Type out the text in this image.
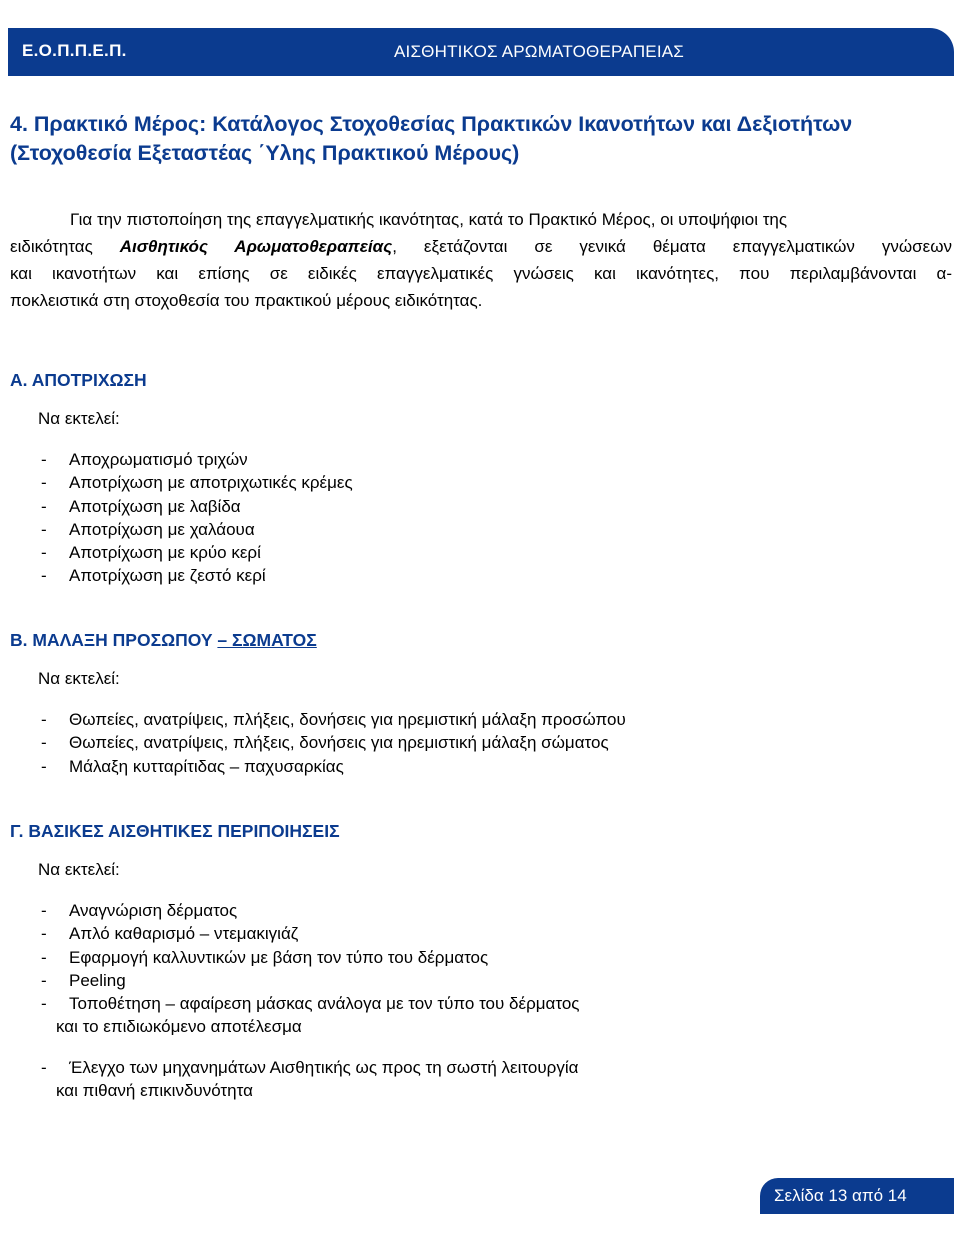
Ε.Ο.Π.Π.Ε.Π.	ΑΙΣΘΗΤΙΚΟΣ ΑΡΩΜΑΤΟΘΕΡΑΠΕΙΑΣ
4. Πρακτικό Μέρος: Κατάλογος Στοχοθεσίας Πρακτικών Ικανοτήτων και Δεξιοτήτων
(Στοχοθεσία Εξεταστέας ΄Υλης Πρακτικού Μέρους)
Για την πιστοποίηση της επαγγελματικής ικανότητας, κατά το Πρακτικό Μέρος, οι υποψήφιοι της
ειδικότητας Αισθητικός Αρωματοθεραπείας, εξετάζονται σε γενικά θέματα επαγγελματικών γνώσεων
και ικανοτήτων και επίσης σε ειδικές επαγγελματικές γνώσεις και ικανότητες, που περιλαμβάνονται α-
ποκλειστικά στη στοχοθεσία του πρακτικού μέρους ειδικότητας.
Α. ΑΠΟΤΡΙΧΩΣΗ
Να εκτελεί:
- Αποχρωματισμό τριχών
- Αποτρίχωση με αποτριχωτικές κρέμες
- Αποτρίχωση με λαβίδα
- Αποτρίχωση με χαλάουα
- Αποτρίχωση με κρύο κερί
- Αποτρίχωση με ζεστό κερί
Β. ΜΑΛΑΞΗ ΠΡΟΣΩΠΟΥ – ΣΩΜΑΤΟΣ
Να εκτελεί:
- Θωπείες, ανατρίψεις, πλήξεις, δονήσεις για ηρεμιστική μάλαξη προσώπου
- Θωπείες, ανατρίψεις, πλήξεις, δονήσεις για ηρεμιστική μάλαξη σώματος
- Μάλαξη κυτταρίτιδας – παχυσαρκίας
Γ. ΒΑΣΙΚΕΣ ΑΙΣΘΗΤΙΚΕΣ ΠΕΡΙΠΟΙΗΣΕΙΣ
Να εκτελεί:
- Αναγνώριση δέρματος
- Απλό καθαρισμό – ντεμακιγιάζ
- Εφαρμογή καλλυντικών με βάση τον τύπο του δέρματος
- Peeling
- Τοποθέτηση – αφαίρεση μάσκας ανάλογα με τον τύπο του δέρματος
και το επιδιωκόμενο αποτέλεσμα
- Έλεγχο των μηχανημάτων Αισθητικής ως προς τη σωστή λειτουργία
και πιθανή επικινδυνότητα
Σελίδα 13 από 14
